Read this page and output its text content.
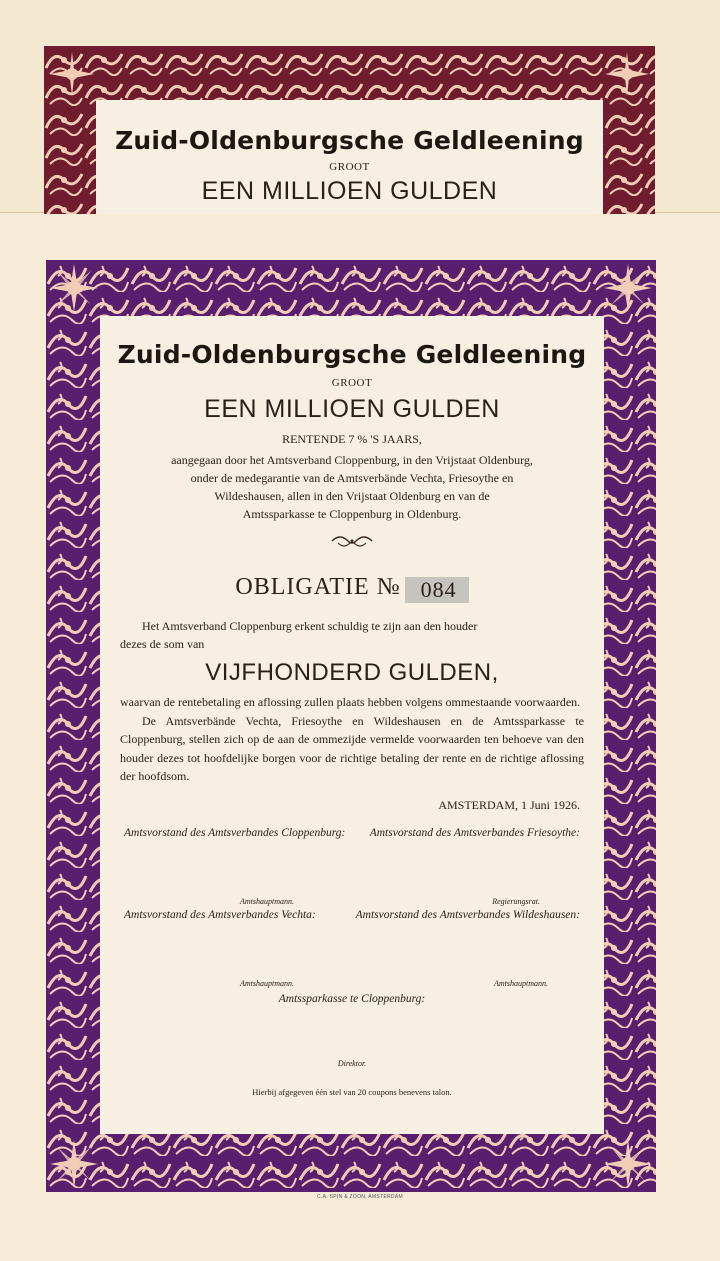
Zuid-Oldenburgsche Geldleening
GROOT
EEN MILLIOEN GULDEN
Zuid-Oldenburgsche Geldleening
GROOT
EEN MILLIOEN GULDEN
RENTENDE 7 % 'S JAARS,
aangegaan door het Amtsverband Cloppenburg, in den Vrijstaat Oldenburg,
onder de medegarantie van de Amtsverbände Vechta, Friesoythe en
Wildeshausen, allen in den Vrijstaat Oldenburg en van de
Amtssparkasse te Cloppenburg in Oldenburg.
OBLIGATIE № 084
Het Amtsverband Cloppenburg erkent schuldig te zijn aan den houder
dezes de som van
VIJFHONDERD GULDEN,
waarvan de rentebetaling en aflossing zullen plaats hebben volgens ommestaande voorwaarden.
De Amtsverbände Vechta, Friesoythe en Wildeshausen en de Amtssparkasse te Cloppenburg, stellen zich op de aan de ommezijde vermelde voorwaarden ten behoeve van den houder dezes tot hoofdelijke borgen voor de richtige betaling der rente en de richtige aflossing der hoofdsom.
AMSTERDAM, 1 Juni 1926.
Amtsvorstand des Amtsverbandes Cloppenburg: Amtsvorstand des Amtsverbandes Friesoythe:
Amtshauptmann.	Regierungsrat.
Amtsvorstand des Amtsverbandes Vechta:	Amtsvorstand des Amtsverbandes Wildeshausen:
Amtshauptmann.	Amtshauptmann.
Amtssparkasse te Cloppenburg:
Direktor.
Hierbij afgegeven één stel van 20 coupons benevens talon.
C.A. SPIN & ZOON, AMSTERDAM
